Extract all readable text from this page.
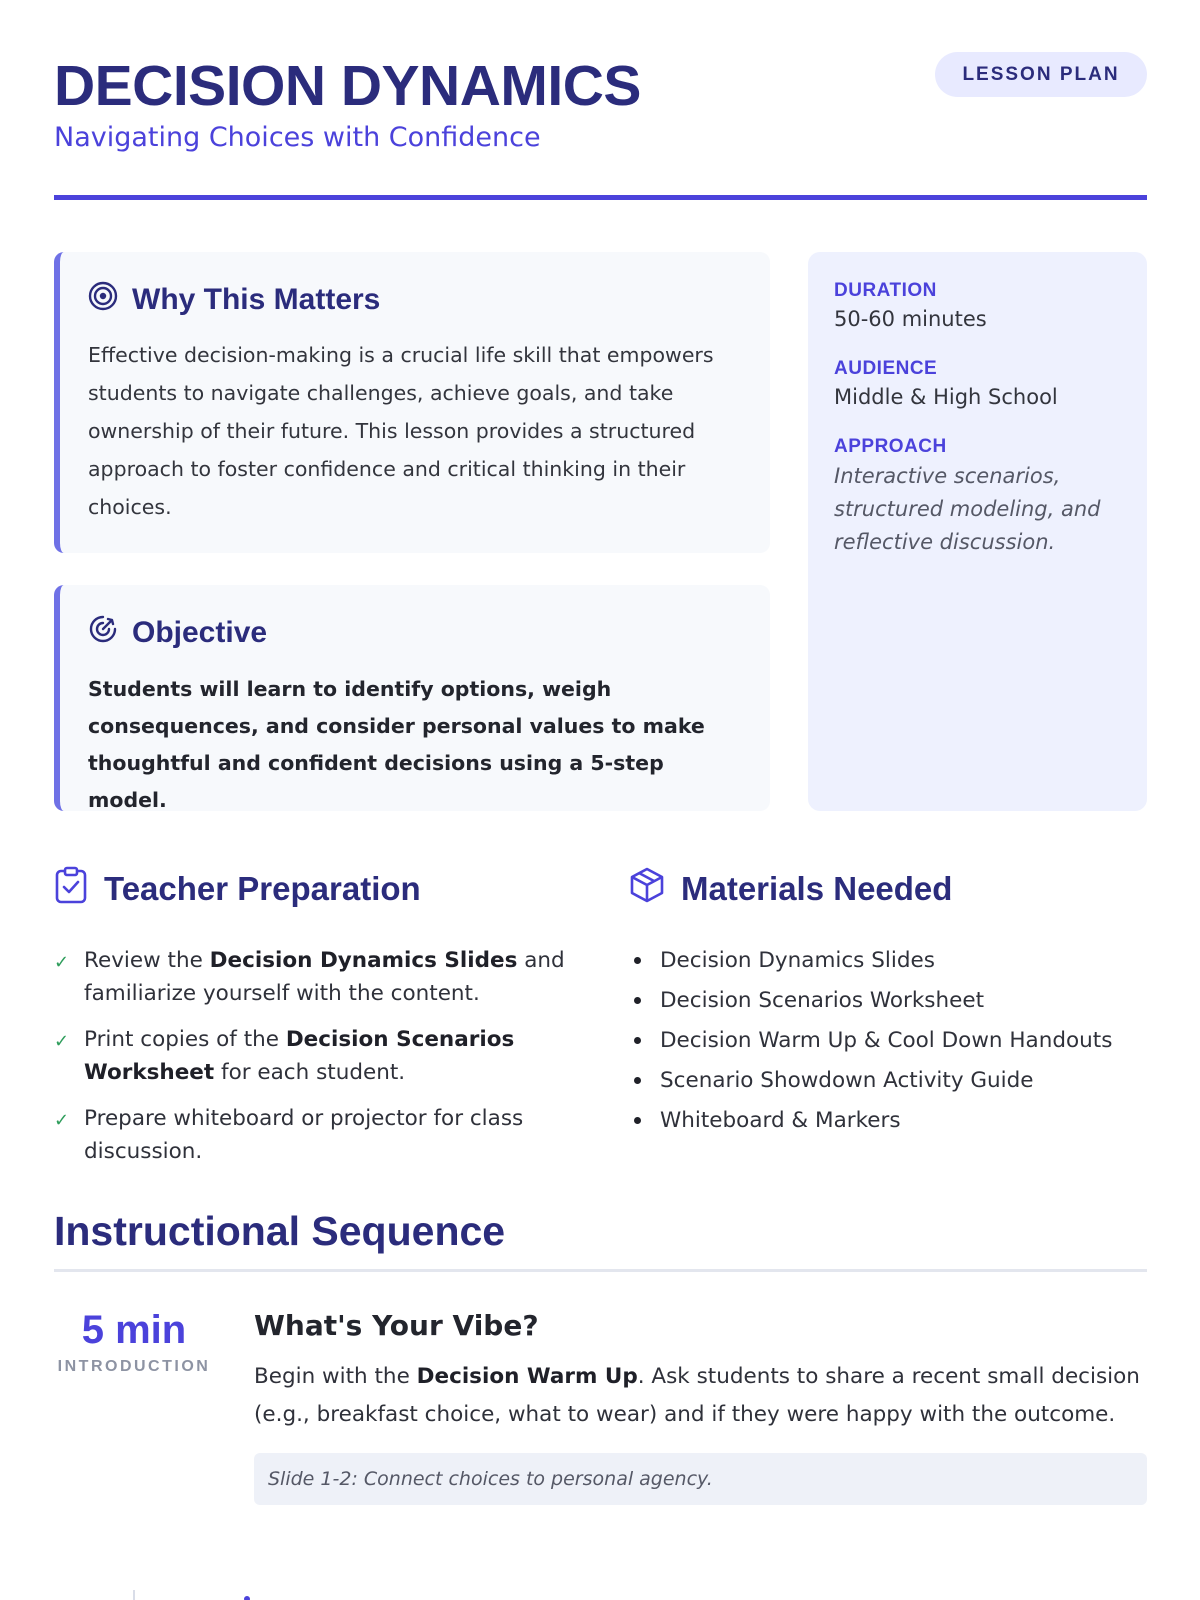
DECISION DYNAMICS
Navigating Choices with Confidence
LESSON PLAN
Why This Matters
Effective decision-making is a crucial life skill that empowers students to navigate challenges, achieve goals, and take ownership of their future. This lesson provides a structured approach to foster confidence and critical thinking in their choices.
Objective
Students will learn to identify options, weigh consequences, and consider personal values to make thoughtful and confident decisions using a 5-step model.
DURATION
50-60 minutes
AUDIENCE
Middle & High School
APPROACH
Interactive scenarios, structured modeling, and reflective discussion.
Teacher Preparation
✓ Review the Decision Dynamics Slides and familiarize yourself with the content.
✓ Print copies of the Decision Scenarios Worksheet for each student.
✓ Prepare whiteboard or projector for class discussion.
Materials Needed
Decision Dynamics Slides
Decision Scenarios Worksheet
Decision Warm Up & Cool Down Handouts
Scenario Showdown Activity Guide
Whiteboard & Markers
Instructional Sequence
5 min
INTRODUCTION
What's Your Vibe?
Begin with the Decision Warm Up. Ask students to share a recent small decision (e.g., breakfast choice, what to wear) and if they were happy with the outcome.
Slide 1-2: Connect choices to personal agency.
